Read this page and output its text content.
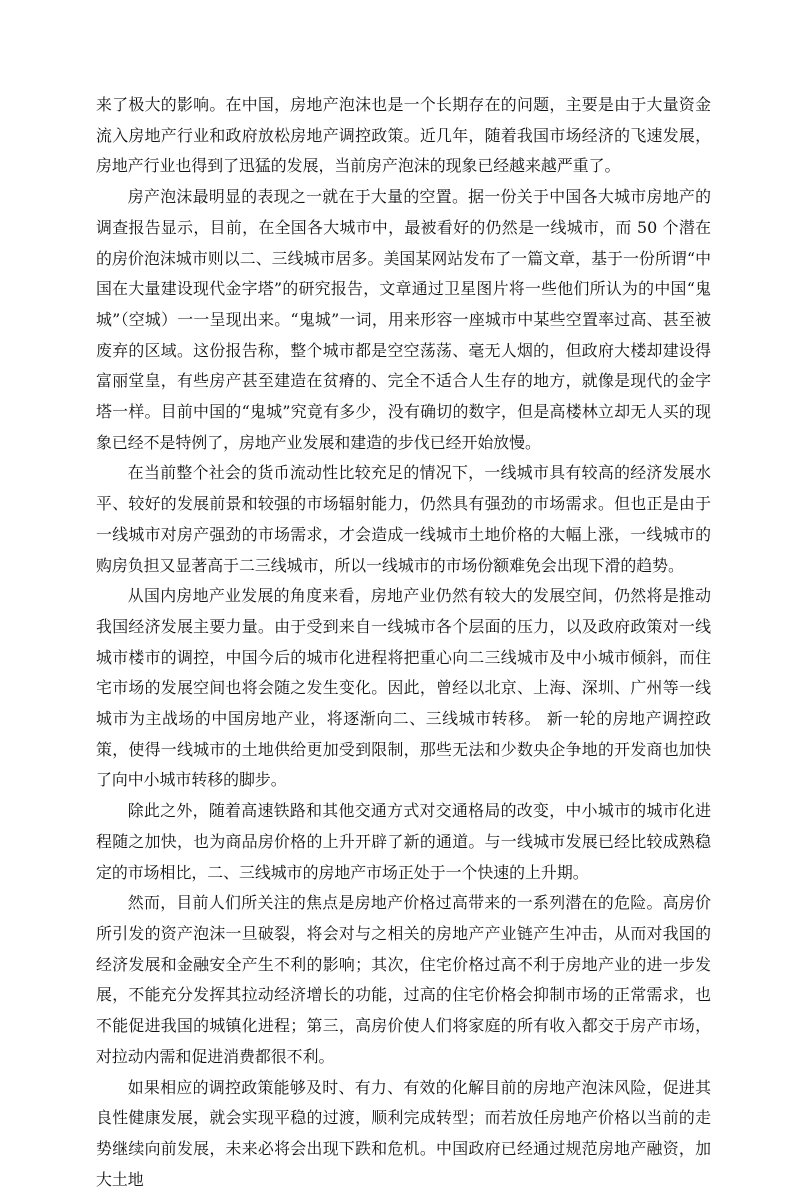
来了极大的影响。在中国，房地产泡沫也是一个长期存在的问题，主要是由于大量资金流入房地产行业和政府放松房地产调控政策。近几年，随着我国市场经济的飞速发展，房地产行业也得到了迅猛的发展，当前房产泡沫的现象已经越来越严重了。

房产泡沫最明显的表现之一就在于大量的空置。据一份关于中国各大城市房地产的调查报告显示，目前，在全国各大城市中，最被看好的仍然是一线城市，而 50 个潜在的房价泡沫城市则以二、三线城市居多。美国某网站发布了一篇文章，基于一份所谓“中国在大量建设现代金字塔”的研究报告，文章通过卫星图片将一些他们所认为的中国“鬼城”（空城）一一呈现出来。“鬼城”一词，用来形容一座城市中某些空置率过高、甚至被废弃的区域。这份报告称，整个城市都是空空荡荡、毫无人烟的，但政府大楼却建设得富丽堂皇，有些房产甚至建造在贫瘠的、完全不适合人生存的地方，就像是现代的金字塔一样。目前中国的“鬼城”究竟有多少，没有确切的数字，但是高楼林立却无人买的现象已经不是特例了，房地产业发展和建造的步伐已经开始放慢。

在当前整个社会的货币流动性比较充足的情况下，一线城市具有较高的经济发展水平、较好的发展前景和较强的市场辐射能力，仍然具有强劲的市场需求。但也正是由于一线城市对房产强劲的市场需求，才会造成一线城市土地价格的大幅上涨，一线城市的购房负担又显著高于二三线城市，所以一线城市的市场份额难免会出现下滑的趋势。

从国内房地产业发展的角度来看，房地产业仍然有较大的发展空间，仍然将是推动我国经济发展主要力量。由于受到来自一线城市各个层面的压力，以及政府政策对一线城市楼市的调控，中国今后的城市化进程将把重心向二三线城市及中小城市倾斜，而住宅市场的发展空间也将会随之发生变化。因此，曾经以北京、上海、深圳、广州等一线城市为主战场的中国房地产业，将逐渐向二、三线城市转移。 新一轮的房地产调控政策，使得一线城市的土地供给更加受到限制，那些无法和少数央企争地的开发商也加快了向中小城市转移的脚步。

除此之外，随着高速铁路和其他交通方式对交通格局的改变，中小城市的城市化进程随之加快，也为商品房价格的上升开辟了新的通道。与一线城市发展已经比较成熟稳定的市场相比，二、三线城市的房地产市场正处于一个快速的上升期。

然而，目前人们所关注的焦点是房地产价格过高带来的一系列潜在的危险。高房价所引发的资产泡沫一旦破裂，将会对与之相关的房地产产业链产生冲击，从而对我国的经济发展和金融安全产生不利的影响；其次，住宅价格过高不利于房地产业的进一步发展，不能充分发挥其拉动经济增长的功能，过高的住宅价格会抑制市场的正常需求，也不能促进我国的城镇化进程；第三，高房价使人们将家庭的所有收入都交于房产市场，对拉动内需和促进消费都很不利。

如果相应的调控政策能够及时、有力、有效的化解目前的房地产泡沫风险，促进其良性健康发展，就会实现平稳的过渡，顺利完成转型；而若放任房地产价格以当前的走势继续向前发展，未来必将会出现下跌和危机。中国政府已经通过规范房地产融资，加大土地
